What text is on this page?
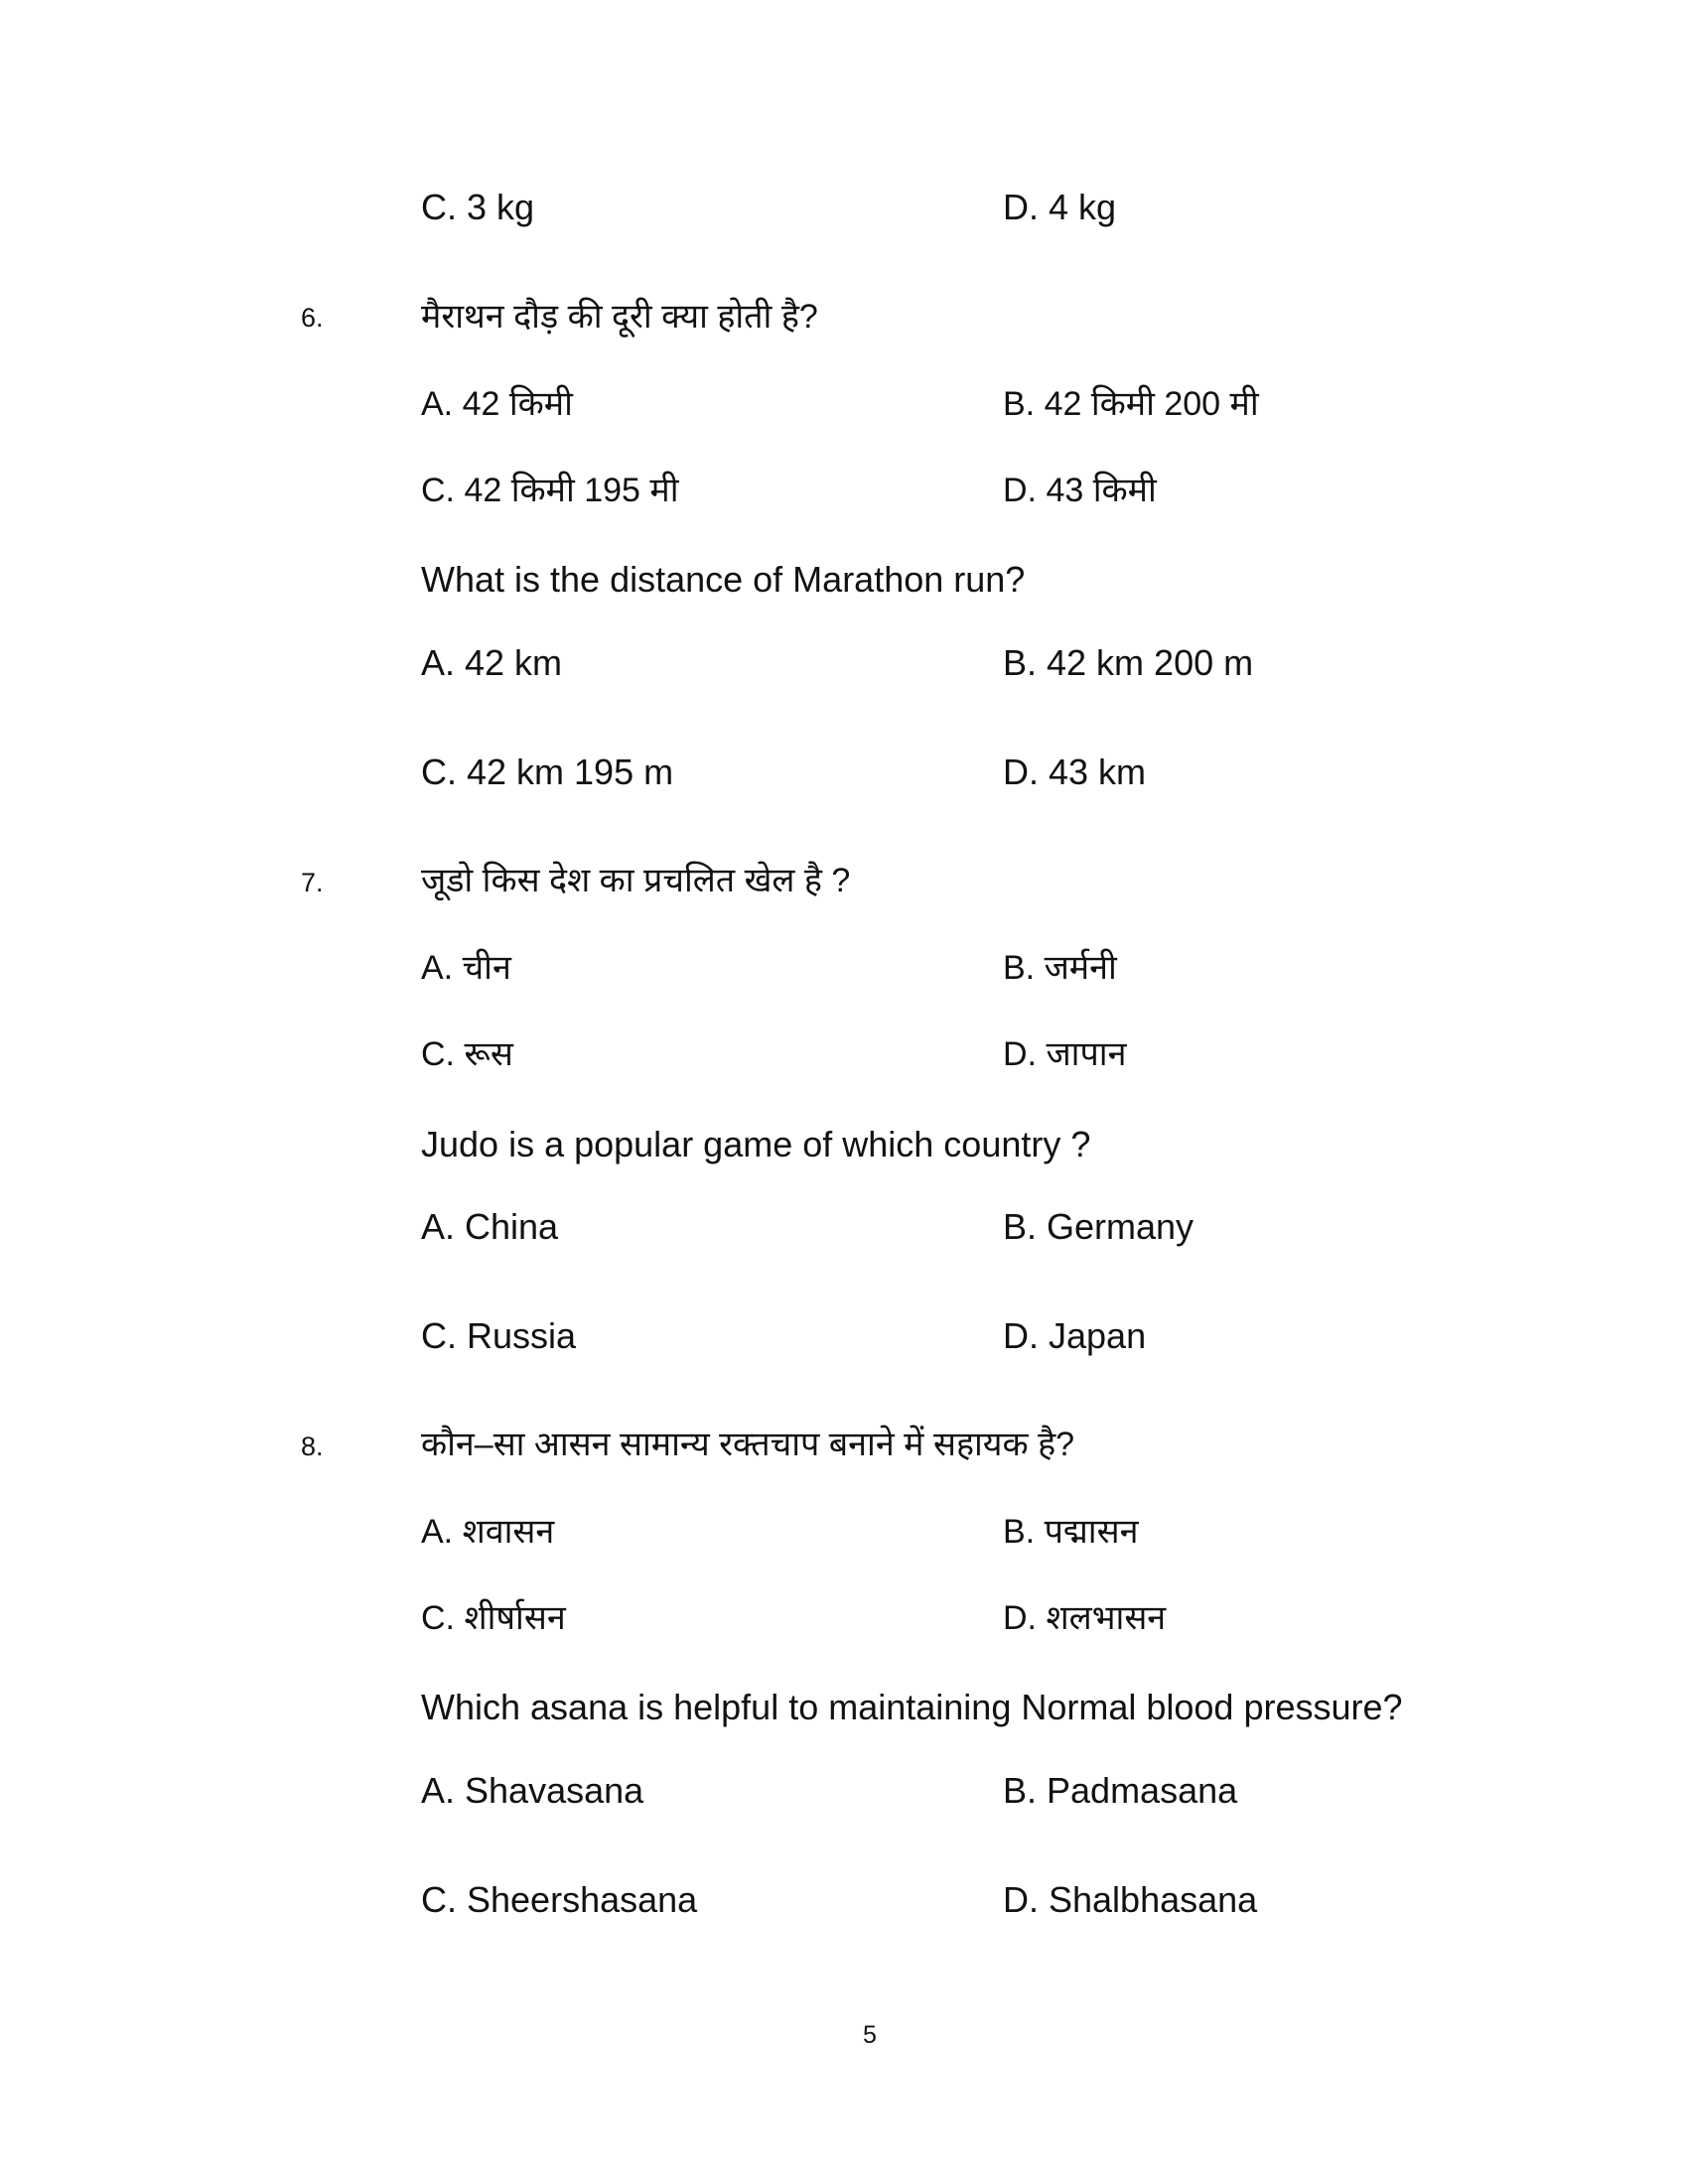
C. 3 kg	D. 4 kg
6.	मैराथन दौड़ की दूरी क्या होती है?
A. 42 किमी	B. 42 किमी 200 मी
C. 42 किमी 195 मी	D. 43 किमी
What is the distance of Marathon run?
A. 42 km	B. 42 km 200 m
C. 42 km 195 m	D. 43 km
7.	जूडो किस देश का प्रचलित खेल है ?
A. चीन	B. जर्मनी
C. रूस	D. जापान
Judo is a popular game of which country ?
A. China	B. Germany
C. Russia	D. Japan
8.	कौन–सा आसन सामान्य रक्तचाप बनाने में सहायक है?
A. शवासन	B. पद्मासन
C. शीर्षासन	D. शलभासन
Which asana is helpful to maintaining Normal blood pressure?
A. Shavasana	B. Padmasana
C. Sheershasana	D. Shalbhasana
5
